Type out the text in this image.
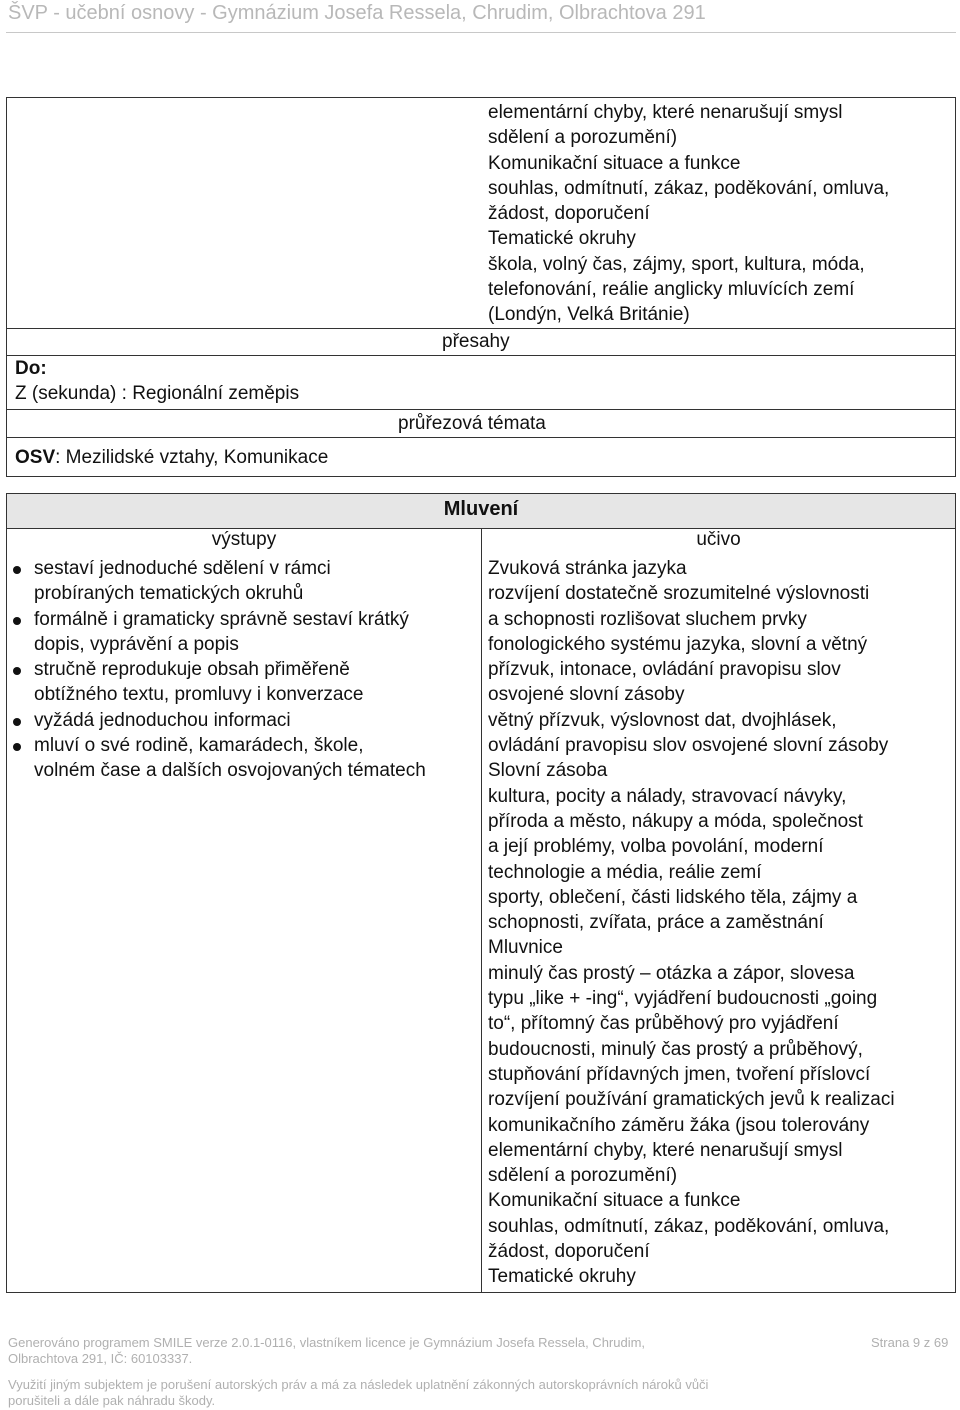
ŠVP - učební osnovy - Gymnázium Josefa Ressela, Chrudim, Olbrachtova 291
elementární chyby, které nenarušují smysl
sdělení a porozumění)
Komunikační situace a funkce
souhlas, odmítnutí, zákaz, poděkování, omluva,
žádost, doporučení
Tematické okruhy
škola, volný čas, zájmy, sport, kultura, móda,
telefonování, reálie anglicky mluvících zemí
(Londýn, Velká Británie)
přesahy
Do:
Z (sekunda) : Regionální zeměpis
průřezová témata
OSV: Mezilidské vztahy, Komunikace
Mluvení
výstupy	učivo
sestaví jednoduché sdělení v rámci
probíraných tematických okruhů
formálně i gramaticky správně sestaví krátký
dopis, vyprávění a popis
stručně reprodukuje obsah přiměřeně
obtížného textu, promluvy i konverzace
vyžádá jednoduchou informaci
mluví o své rodině, kamarádech, škole,
volném čase a dalších osvojovaných tématech
Zvuková stránka jazyka
rozvíjení dostatečně srozumitelné výslovnosti
a schopnosti rozlišovat sluchem prvky
fonologického systému jazyka, slovní a větný
přízvuk, intonace, ovládání pravopisu slov
osvojené slovní zásoby
větný přízvuk, výslovnost dat, dvojhlásek,
ovládání pravopisu slov osvojené slovní zásoby
Slovní zásoba
kultura, pocity a nálady, stravovací návyky,
příroda a město, nákupy a móda, společnost
a její problémy, volba povolání, moderní
technologie a média, reálie zemí
sporty, oblečení, části lidského těla, zájmy a
schopnosti, zvířata, práce a zaměstnání
Mluvnice
minulý čas prostý – otázka a zápor, slovesa
typu „like + -ing“, vyjádření budoucnosti „going
to“, přítomný čas průběhový pro vyjádření
budoucnosti, minulý čas prostý a průběhový,
stupňování přídavných jmen, tvoření příslovcí
rozvíjení používání gramatických jevů k realizaci
komunikačního záměru žáka (jsou tolerovány
elementární chyby, které nenarušují smysl
sdělení a porozumění)
Komunikační situace a funkce
souhlas, odmítnutí, zákaz, poděkování, omluva,
žádost, doporučení
Tematické okruhy
Generováno programem SMILE verze 2.0.1-0116, vlastníkem licence je Gymnázium Josefa Ressela, Chrudim,
Olbrachtova 291, IČ: 60103337.
Strana 9 z 69
Využití jiným subjektem je porušení autorských práv a má za následek uplatnění zákonných autorskoprávních nároků vůči
porušiteli a dále pak náhradu škody.
